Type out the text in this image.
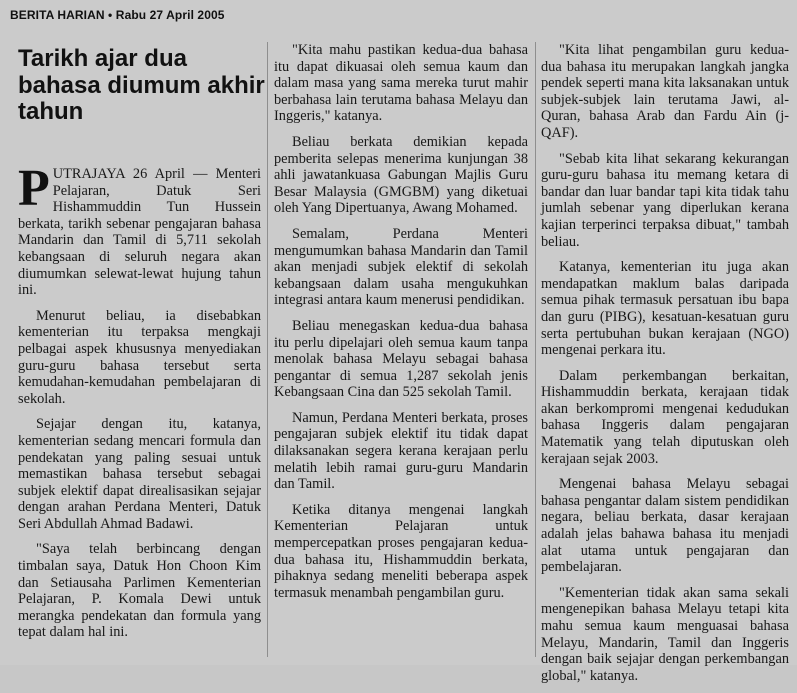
BERITA HARIAN • Rabu 27 April 2005
Tarikh ajar dua bahasa diumum akhir tahun

PUTRAJAYA 26 April — Menteri Pelajaran, Datuk Seri Hishammuddin Tun Hussein berkata, tarikh sebenar pengajaran bahasa Mandarin dan Tamil di 5,711 sekolah kebangsaan di seluruh negara akan diumumkan selewat-lewat hujung tahun ini.

Menurut beliau, ia disebabkan kementerian itu terpaksa mengkaji pelbagai aspek khususnya menyediakan guru-guru bahasa tersebut serta kemudahan-kemudahan pembelajaran di sekolah.

Sejajar dengan itu, katanya, kementerian sedang mencari formula dan pendekatan yang paling sesuai untuk memastikan bahasa tersebut sebagai subjek elektif dapat direalisasikan sejajar dengan arahan Perdana Menteri, Datuk Seri Abdullah Ahmad Badawi.

"Saya telah berbincang dengan timbalan saya, Datuk Hon Choon Kim dan Setiausaha Parlimen Kementerian Pelajaran, P. Komala Dewi untuk merangka pendekatan dan formula yang tepat dalam hal ini.

"Kita mahu pastikan kedua-dua bahasa itu dapat dikuasai oleh semua kaum dan dalam masa yang sama mereka turut mahir berbahasa lain terutama bahasa Melayu dan Inggeris," katanya.

Beliau berkata demikian kepada pemberita selepas menerima kunjungan 38 ahli jawatankuasa Gabungan Majlis Guru Besar Malaysia (GMGBM) yang diketuai oleh Yang Dipertuanya, Awang Mohamed.

Semalam, Perdana Menteri mengumumkan bahasa Mandarin dan Tamil akan menjadi subjek elektif di sekolah kebangsaan dalam usaha mengukuhkan integrasi antara kaum menerusi pendidikan.

Beliau menegaskan kedua-dua bahasa itu perlu dipelajari oleh semua kaum tanpa menolak bahasa Melayu sebagai bahasa pengantar di semua 1,287 sekolah jenis Kebangsaan Cina dan 525 sekolah Tamil.

Namun, Perdana Menteri berkata, proses pengajaran subjek elektif itu tidak dapat dilaksanakan segera kerana kerajaan perlu melatih lebih ramai guru-guru Mandarin dan Tamil.

Ketika ditanya mengenai langkah Kementerian Pelajaran untuk mempercepatkan proses pengajaran kedua-dua bahasa itu, Hishammuddin berkata, pihaknya sedang meneliti beberapa aspek termasuk menambah pengambilan guru.

"Kita lihat pengambilan guru kedua-dua bahasa itu merupakan langkah jangka pendek seperti mana kita laksanakan untuk subjek-subjek lain terutama Jawi, al-Quran, bahasa Arab dan Fardu Ain (j-QAF).

"Sebab kita lihat sekarang kekurangan guru-guru bahasa itu memang ketara di bandar dan luar bandar tapi kita tidak tahu jumlah sebenar yang diperlukan kerana kajian terperinci terpaksa dibuat," tambah beliau.

Katanya, kementerian itu juga akan mendapatkan maklum balas daripada semua pihak termasuk persatuan ibu bapa dan guru (PIBG), kesatuan-kesatuan guru serta pertubuhan bukan kerajaan (NGO) mengenai perkara itu.

Dalam perkembangan berkaitan, Hishammuddin berkata, kerajaan tidak akan berkompromi mengenai kedudukan bahasa Inggeris dalam pengajaran Matematik yang telah diputuskan oleh kerajaan sejak 2003.

Mengenai bahasa Melayu sebagai bahasa pengantar dalam sistem pendidikan negara, beliau berkata, dasar kerajaan adalah jelas bahawa bahasa itu menjadi alat utama untuk pengajaran dan pembelajaran.

"Kementerian tidak akan sama sekali mengenepikan bahasa Melayu tetapi kita mahu semua kaum menguasai bahasa Melayu, Mandarin, Tamil dan Inggeris dengan baik sejajar dengan perkembangan global," katanya.
